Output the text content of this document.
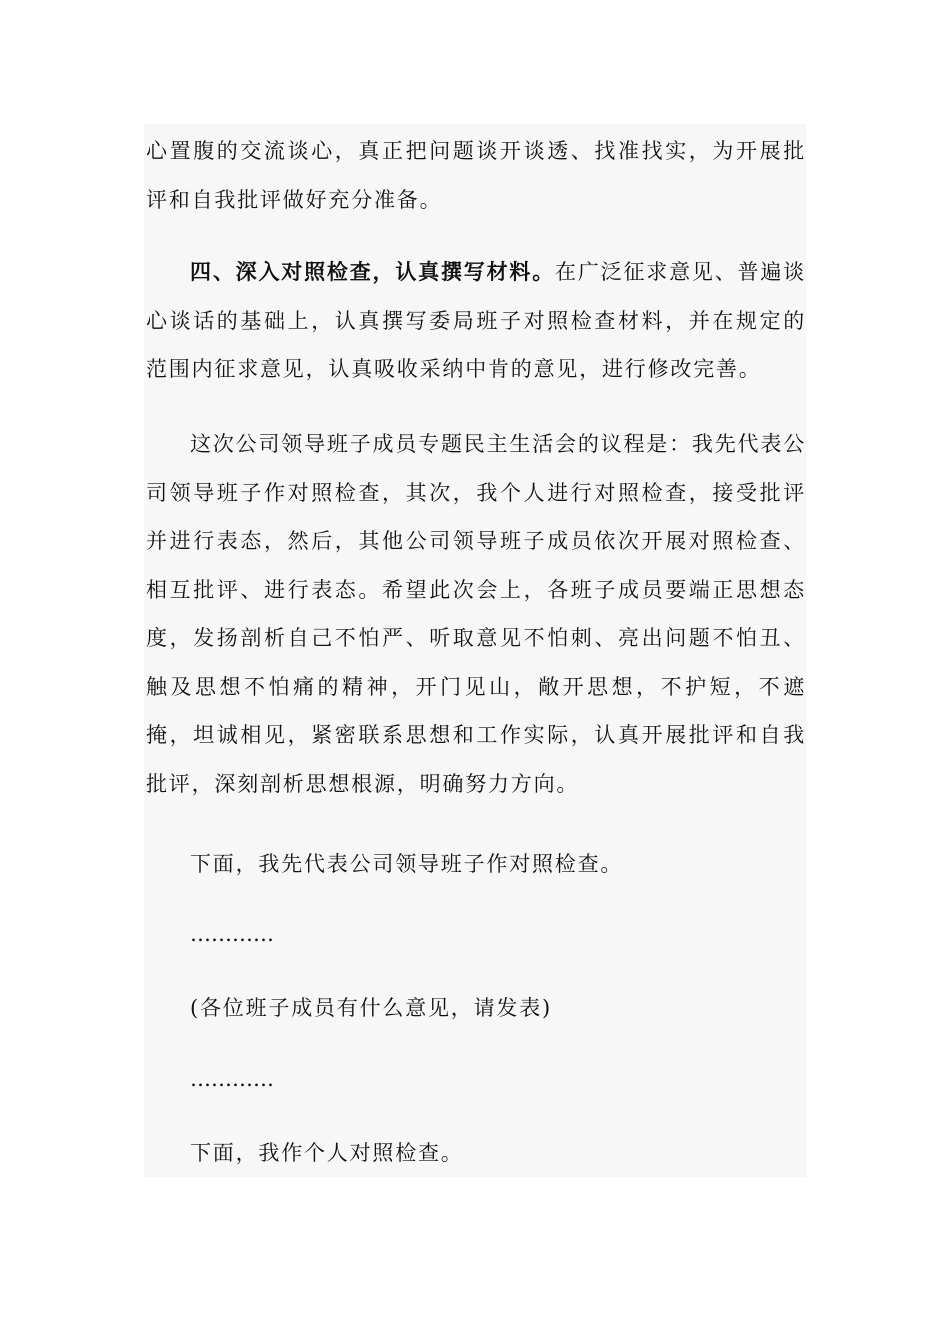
心置腹的交流谈心，真正把问题谈开谈透、找准找实，为开展批评和自我批评做好充分准备。

四、深入对照检查，认真撰写材料。在广泛征求意见、普遍谈心谈话的基础上，认真撰写委局班子对照检查材料，并在规定的范围内征求意见，认真吸收采纳中肯的意见，进行修改完善。

这次公司领导班子成员专题民主生活会的议程是：我先代表公司领导班子作对照检查，其次，我个人进行对照检查，接受批评并进行表态，然后，其他公司领导班子成员依次开展对照检查、相互批评、进行表态。希望此次会上，各班子成员要端正思想态度，发扬剖析自己不怕严、听取意见不怕刺、亮出问题不怕丑、触及思想不怕痛的精神，开门见山，敞开思想，不护短，不遮掩，坦诚相见，紧密联系思想和工作实际，认真开展批评和自我批评，深刻剖析思想根源，明确努力方向。

下面，我先代表公司领导班子作对照检查。

…………

(各位班子成员有什么意见，请发表)

…………

下面，我作个人对照检查。
